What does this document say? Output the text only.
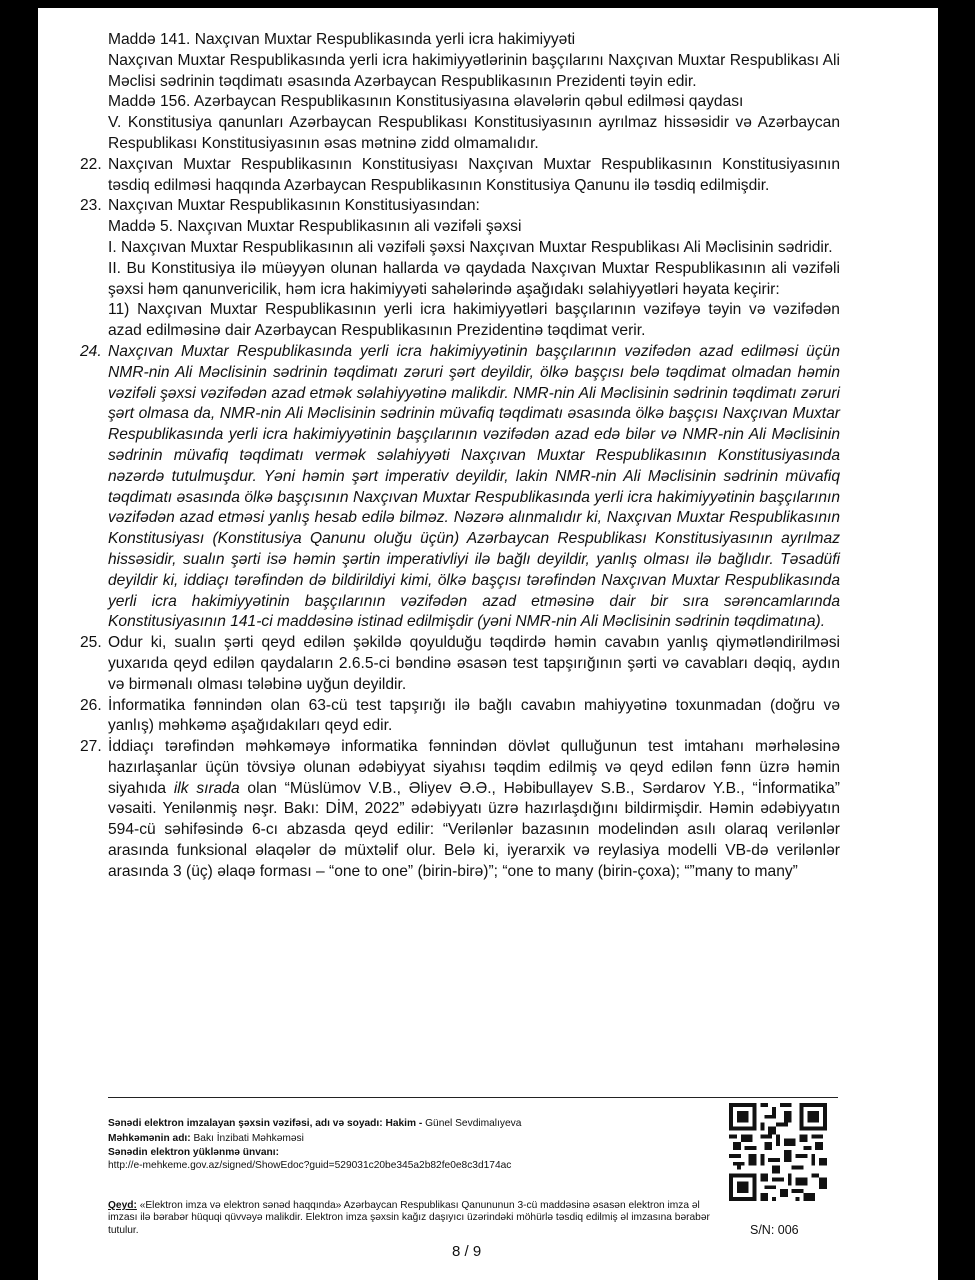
Maddə 141. Naxçıvan Muxtar Respublikasında yerli icra hakimiyyəti

Naxçıvan Muxtar Respublikasında yerli icra hakimiyyətlərinin başçılarını Naxçıvan Muxtar Respublikası Ali Məclisi sədrinin təqdimatı əsasında Azərbaycan Respublikasının Prezidenti təyin edir.

Maddə 156. Azərbaycan Respublikasının Konstitusiyasına əlavələrin qəbul edilməsi qaydası

V. Konstitusiya qanunları Azərbaycan Respublikası Konstitusiyasının ayrılmaz hissəsidir və Azərbaycan Respublikası Konstitusiyasının əsas mətninə zidd olmamalıdır.

22. Naxçıvan Muxtar Respublikasının Konstitusiyası Naxçıvan Muxtar Respublikasının Konstitusiyasının təsdiq edilməsi haqqında Azərbaycan Respublikasının Konstitusiya Qanunu ilə təsdiq edilmişdir.
23. Naxçıvan Muxtar Respublikasının Konstitusiyasından:

Maddə 5. Naxçıvan Muxtar Respublikasının ali vəzifəli şəxsi

I. Naxçıvan Muxtar Respublikasının ali vəzifəli şəxsi Naxçıvan Muxtar Respublikası Ali Məclisinin sədridir.

II. Bu Konstitusiya ilə müəyyən olunan hallarda və qaydada Naxçıvan Muxtar Respublikasının ali vəzifəli şəxsi həm qanunvericilik, həm icra hakimiyyəti sahələrində aşağıdakı səlahiyyətləri həyata keçirir:

11) Naxçıvan Muxtar Respublikasının yerli icra hakimiyyətləri başçılarının vəzifəyə təyin və vəzifədən azad edilməsinə dair Azərbaycan Respublikasının Prezidentinə təqdimat verir.

24. Naxçıvan Muxtar Respublikasında yerli icra hakimiyyətinin başçılarının vəzifədən azad edilməsi üçün NMR-nin Ali Məclisinin sədrinin təqdimatı zəruri şərt deyildir, ölkə başçısı belə təqdimat olmadan həmin vəzifəli şəxsi vəzifədən azad etmək səlahiyyətinə malikdir. NMR-nin Ali Məclisinin sədrinin təqdimatı zəruri şərt olmasa da, NMR-nin Ali Məclisinin sədrinin müvafiq təqdimatı əsasında ölkə başçısı Naxçıvan Muxtar Respublikasında yerli icra hakimiyyətinin başçılarının vəzifədən azad edə bilər və NMR-nin Ali Məclisinin sədrinin müvafiq təqdimatı vermək səlahiyyəti Naxçıvan Muxtar Respublikasının Konstitusiyasında nəzərdə tutulmuşdur. Yəni həmin şərt imperativ deyildir, lakin NMR-nin Ali Məclisinin sədrinin müvafiq təqdimatı əsasında ölkə başçısının Naxçıvan Muxtar Respublikasında yerli icra hakimiyyətinin başçılarının vəzifədən azad etməsi yanlış hesab edilə bilməz. Nəzərə alınmalıdır ki, Naxçıvan Muxtar Respublikasının Konstitusiyası (Konstitusiya Qanunu oluğu üçün) Azərbaycan Respublikası Konstitusiyasının ayrılmaz hissəsidir, sualın şərti isə həmin şərtin imperativliyi ilə bağlı deyildir, yanlış olması ilə bağlıdır. Təsadüfi deyildir ki, iddiaçı tərəfindən də bildirildiyi kimi, ölkə başçısı tərəfindən Naxçıvan Muxtar Respublikasında yerli icra hakimiyyətinin başçılarının vəzifədən azad etməsinə dair bir sıra sərəncamlarında Konstitusiyasının 141-ci maddəsinə istinad edilmişdir (yəni NMR-nin Ali Məclisinin sədrinin təqdimatına).
25. Odur ki, sualın şərti qeyd edilən şəkildə qoyulduğu təqdirdə həmin cavabın yanlış qiymətləndirilməsi yuxarıda qeyd edilən qaydaların 2.6.5-ci bəndinə əsasən test tapşırığının şərti və cavabları dəqiq, aydın və birmənalı olması tələbinə uyğun deyildir.
26. İnformatika fənnindən olan 63-cü test tapşırığı ilə bağlı cavabın mahiyyətinə toxunmadan (doğru və yanlış) məhkəmə aşağıdakıları qeyd edir.
27. İddiaçı tərəfindən məhkəməyə informatika fənnindən dövlət qulluğunun test imtahanı mərhələsinə hazırlaşanlar üçün tövsiyə olunan ədəbiyyat siyahısı təqdim edilmiş və qeyd edilən fənn üzrə həmin siyahıda ilk sırada olan “Müslümov V.B., Əliyev Ə.Ə., Həbibullayev S.B., Sərdarov Y.B., “İnformatika” vəsaiti. Yenilənmiş nəşr. Bakı: DİM, 2022” ədəbiyyatı üzrə hazırlaşdığını bildirmişdir. Həmin ədəbiyyatın 594-cü səhifəsində 6-cı abzasda qeyd edilir: “Verilənlər bazasının modelindən asılı olaraq verilənlər arasında funksional əlaqələr də müxtəlif olur. Belə ki, iyerarxik və reylasiya modelli VB-də verilənlər arasında 3 (üç) əlaqə forması – “one to one” (birin-birə)”; “one to many (birin-çoxa); “”many to many”
Sənədi elektron imzalayan şəxsin vəzifəsi, adı və soyadı: Hakim - Günel Sevdimalıyeva
Məhkəmənin adı: Bakı İnzibati Məhkəməsi
Sənədin elektron yüklənmə ünvanı:
http://e-mehkeme.gov.az/signed/ShowEdoc?guid=529031c20be345a2b82fe0e8c3d174ac
Qeyd: «Elektron imza və elektron sənəd haqqında» Azərbaycan Respublikası Qanununun 3-cü maddəsinə əsasən elektron imza əl imzası ilə bərabər hüquqi qüvvəyə malikdir. Elektron imza şəxsin kağız daşıyıcı üzərindəki möhürlə təsdiq edilmiş əl imzasına bərabər tutulur.	S/N: 006
8 / 9
